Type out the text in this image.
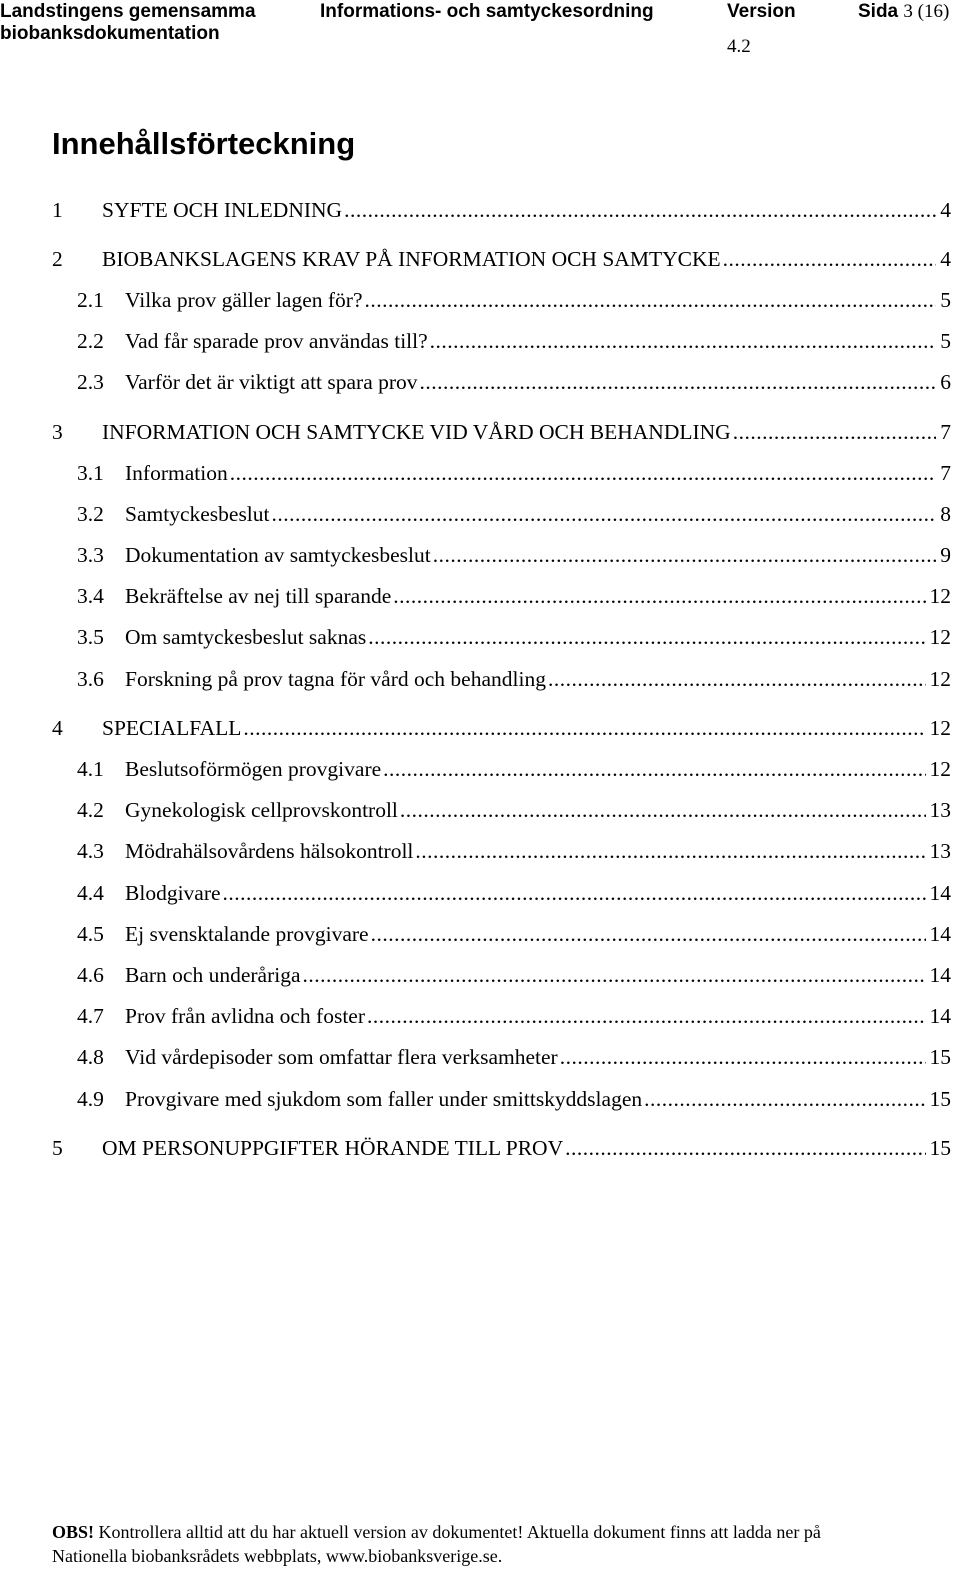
Landstingens gemensamma
biobanksdokumentation
Informations- och samtyckesordning	Version
4.2
Sida 3 (16)
Innehållsförteckning
1	SYFTE OCH INLEDNING .....	4
2	BIOBANKSLAGENS KRAV PÅ INFORMATION OCH SAMTYCKE .....	4
2.1 Vilka prov gäller lagen för? .....	5
2.2 Vad får sparade prov användas till? .....	5
2.3 Varför det är viktigt att spara prov .....	6
3	INFORMATION OCH SAMTYCKE VID VÅRD OCH BEHANDLING .....	7
3.1 Information .....	7
3.2 Samtyckesbeslut .....	8
3.3 Dokumentation av samtyckesbeslut .....	9
3.4 Bekräftelse av nej till sparande .....	12
3.5 Om samtyckesbeslut saknas .....	12
3.6 Forskning på prov tagna för vård och behandling .....	12
4	SPECIALFALL .....	12
4.1 Beslutsoförmögen provgivare .....	12
4.2 Gynekologisk cellprovskontroll .....	13
4.3 Mödrahälsovårdens hälsokontroll .....	13
4.4 Blodgivare .....	14
4.5 Ej svensktalande provgivare .....	14
4.6 Barn och underåriga .....	14
4.7 Prov från avlidna och foster .....	14
4.8 Vid vårdepisoder som omfattar flera verksamheter .....	15
4.9 Provgivare med sjukdom som faller under smittskyddslagen .....	15
5	OM PERSONUPPGIFTER HÖRANDE TILL PROV .....	15
OBS! Kontrollera alltid att du har aktuell version av dokumentet! Aktuella dokument finns att ladda ner på
Nationella biobanksrådets webbplats, www.biobanksverige.se.
